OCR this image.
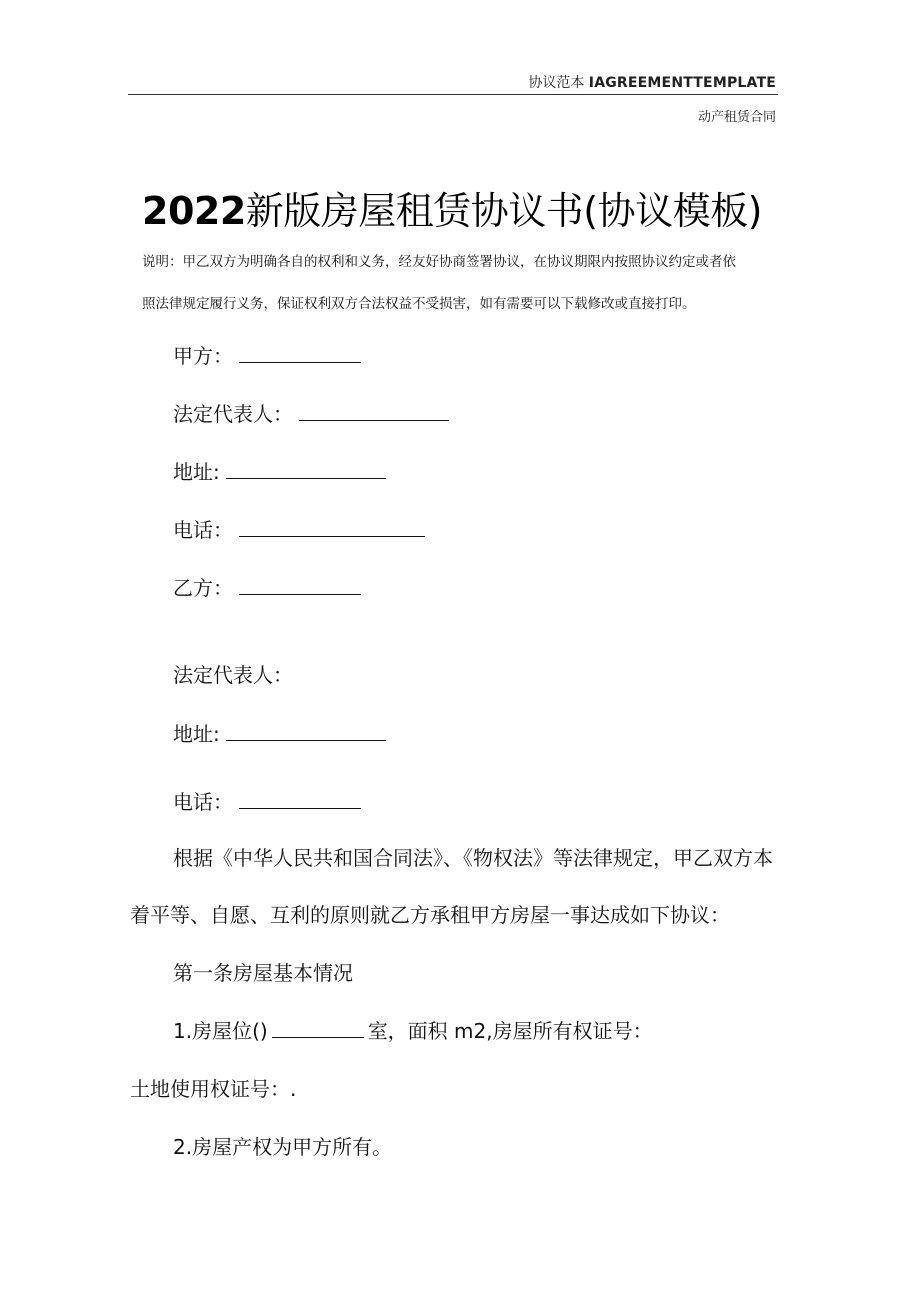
协议范本 IAGREEMENTTEMPLATE
动产租赁合同
2022新版房屋租赁协议书(协议模板)
说明：甲乙双方为明确各自的权利和义务，经友好协商签署协议，在协议期限内按照协议约定或者依
照法律规定履行义务，保证权利双方合法权益不受损害，如有需要可以下载修改或直接打印。
甲方：
法定代表人：
地址:
电话：
乙方：
法定代表人：
地址:
电话：
根据《中华人民共和国合同法》、《物权法》等法律规定，甲乙双方本
着平等、自愿、互利的原则就乙方承租甲方房屋一事达成如下协议：
第一条房屋基本情况
1.房屋位()	室，面积 m2,房屋所有权证号：
土地使用权证号：.
2.房屋产权为甲方所有。
